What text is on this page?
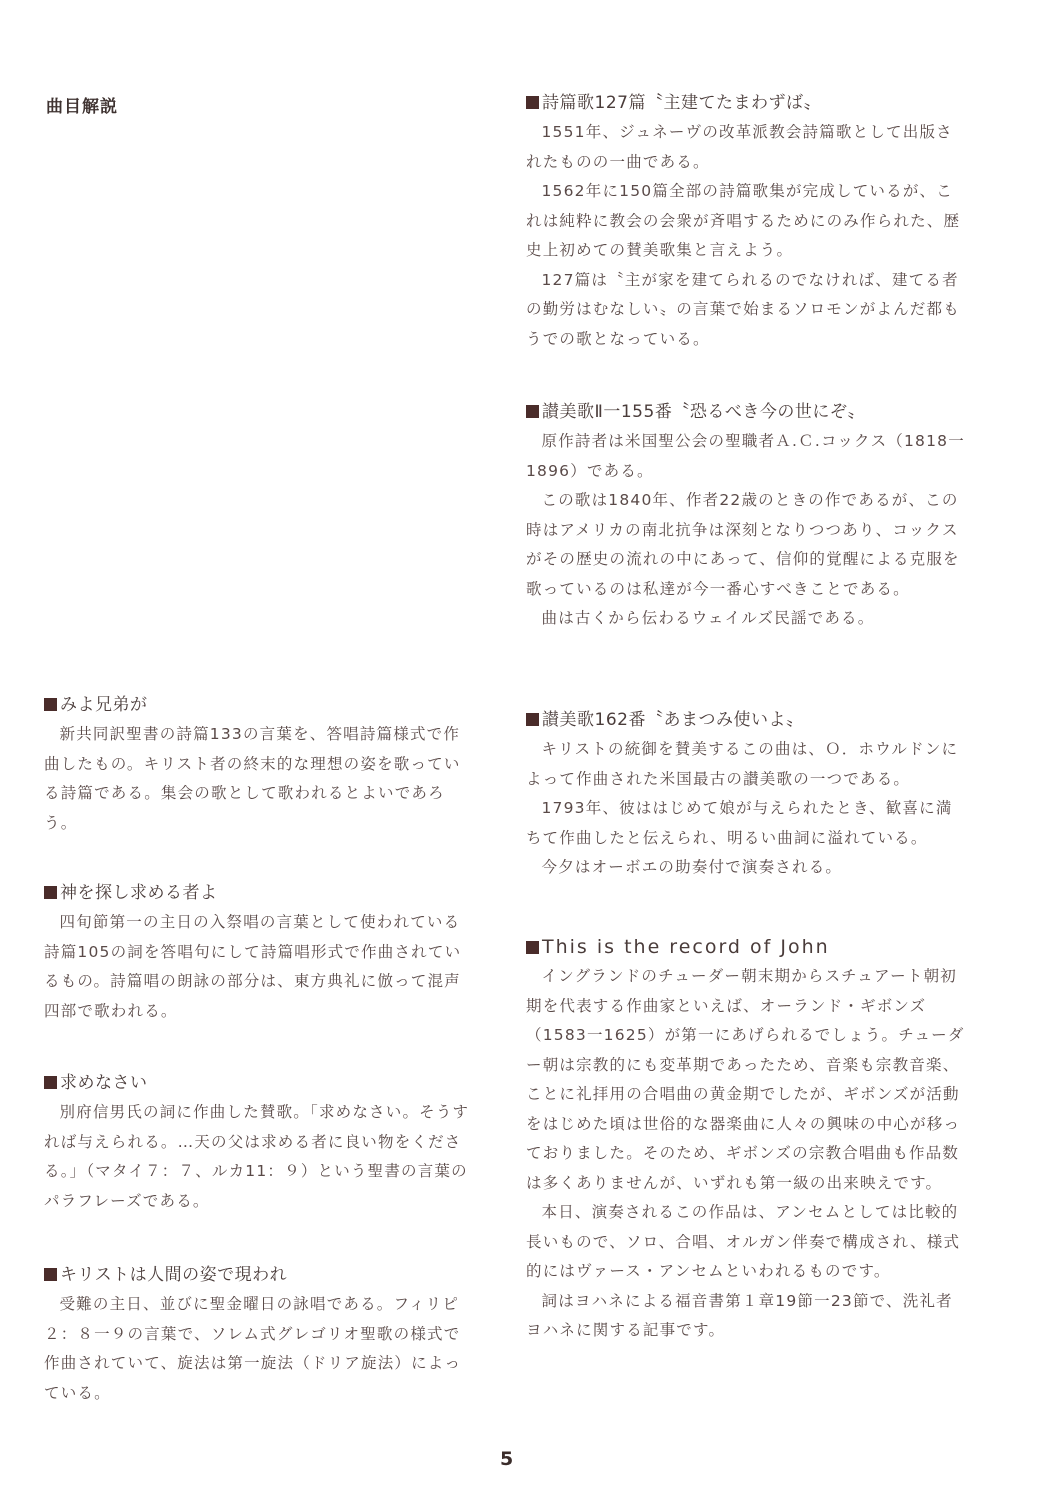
曲目解説	詩篇歌127篇〝主建てたまわずば〟

1551年、ジュネーヴの改革派教会詩篇歌として出版されたものの一曲である。

1562年に150篇全部の詩篇歌集が完成しているが、これは純粋に教会の会衆が斉唱するためにのみ作られた、歴史上初めての賛美歌集と言えよう。

127篇は〝主が家を建てられるのでなければ、建てる者の勤労はむなしい〟の言葉で始まるソロモンがよんだ都もうでの歌となっている。

讃美歌Ⅱ一155番〝恐るべき今の世にぞ〟

原作詩者は米国聖公会の聖職者Ａ.Ｃ.コックス（1818一1896）である。

この歌は1840年、作者22歳のときの作であるが、この時はアメリカの南北抗争は深刻となりつつあり、コックスがその歴史の流れの中にあって、信仰的覚醒による克服を歌っているのは私達が今一番心すべきことである。

曲は古くから伝わるウェイルズ民謡である。

讃美歌162番〝あまつみ使いよ〟

キリストの統御を賛美するこの曲は、Ｏ．ホウルドンによって作曲された米国最古の讃美歌の一つである。

1793年、彼ははじめて娘が与えられたとき、歓喜に満ちて作曲したと伝えられ、明るい曲詞に溢れている。

今夕はオーボエの助奏付で演奏される。

This is the record of John

イングランドのチューダー朝末期からスチュアート朝初期を代表する作曲家といえば、オーランド・ギボンズ（1583一1625）が第一にあげられるでしょう。チューダー朝は宗教的にも変革期であったため、音楽も宗教音楽、ことに礼拝用の合唱曲の黄金期でしたが、ギボンズが活動をはじめた頃は世俗的な器楽曲に人々の興味の中心が移っておりました。そのため、ギボンズの宗教合唱曲も作品数は多くありませんが、いずれも第一級の出来映えです。

本日、演奏されるこの作品は、アンセムとしては比較的長いもので、ソロ、合唱、オルガン伴奏で構成され、様式的にはヴァース・アンセムといわれるものです。

詞はヨハネによる福音書第１章19節一23節で、洗礼者ヨハネに関する記事です。

みよ兄弟が

新共同訳聖書の詩篇133の言葉を、答唱詩篇様式で作曲したもの。キリスト者の終末的な理想の姿を歌っている詩篇である。集会の歌として歌われるとよいであろう。

神を探し求める者よ

四旬節第一の主日の入祭唱の言葉として使われている詩篇105の詞を答唱句にして詩篇唱形式で作曲されているもの。詩篇唱の朗詠の部分は、東方典礼に倣って混声四部で歌われる。

求めなさい

別府信男氏の詞に作曲した賛歌。「求めなさい。そうすれば与えられる。…天の父は求める者に良い物をくださる。」（マタイ７：７、ルカ11：９）という聖書の言葉のパラフレーズである。

キリストは人間の姿で現われ

受難の主日、並びに聖金曜日の詠唱である。フィリピ２：８一９の言葉で、ソレム式グレゴリオ聖歌の様式で作曲されていて、旋法は第一旋法（ドリア旋法）によっている。

5
